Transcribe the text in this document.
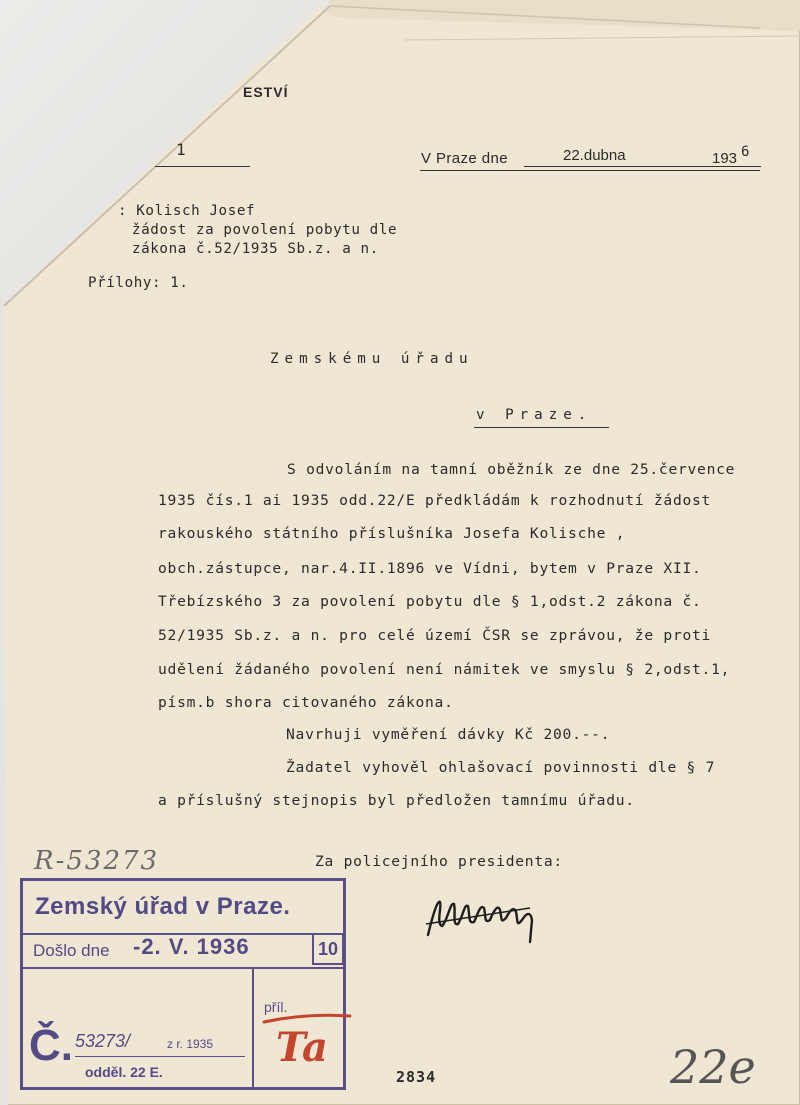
ESTVÍ
1	V Praze dne	22.dubna	193 6
: Kolisch Josef
žádost za povolení pobytu dle
zákona č.52/1935 Sb.z. a n.
Přílohy: 1.
Zemskému úřadu
v Praze.
S odvoláním na tamní oběžník ze dne 25.července
1935 čís.1 ai 1935 odd.22/E předkládám k rozhodnutí žádost
rakouského státního příslušníka Josefa Kolische ,
obch.zástupce, nar.4.II.1896 ve Vídni, bytem v Praze XII.
Třebízského 3 za povolení pobytu dle § 1,odst.2 zákona č.
52/1935 Sb.z. a n. pro celé území ČSR se zprávou, že proti
udělení žádaného povolení není námitek ve smyslu § 2,odst.1,
písm.b shora citovaného zákona.
Navrhuji vyměření dávky Kč 200.--.
Žadatel vyhověl ohlašovací povinnosti dle § 7
a příslušný stejnopis byl předložen tamnímu úřadu.
Za policejního presidenta:
R-53273
2834	22e
Zemský úřad v Praze.
Došlo dne -2. V. 1936	10
Č. 53273/	z r. 1935
odděl. 22 E.
příl.
Ta
